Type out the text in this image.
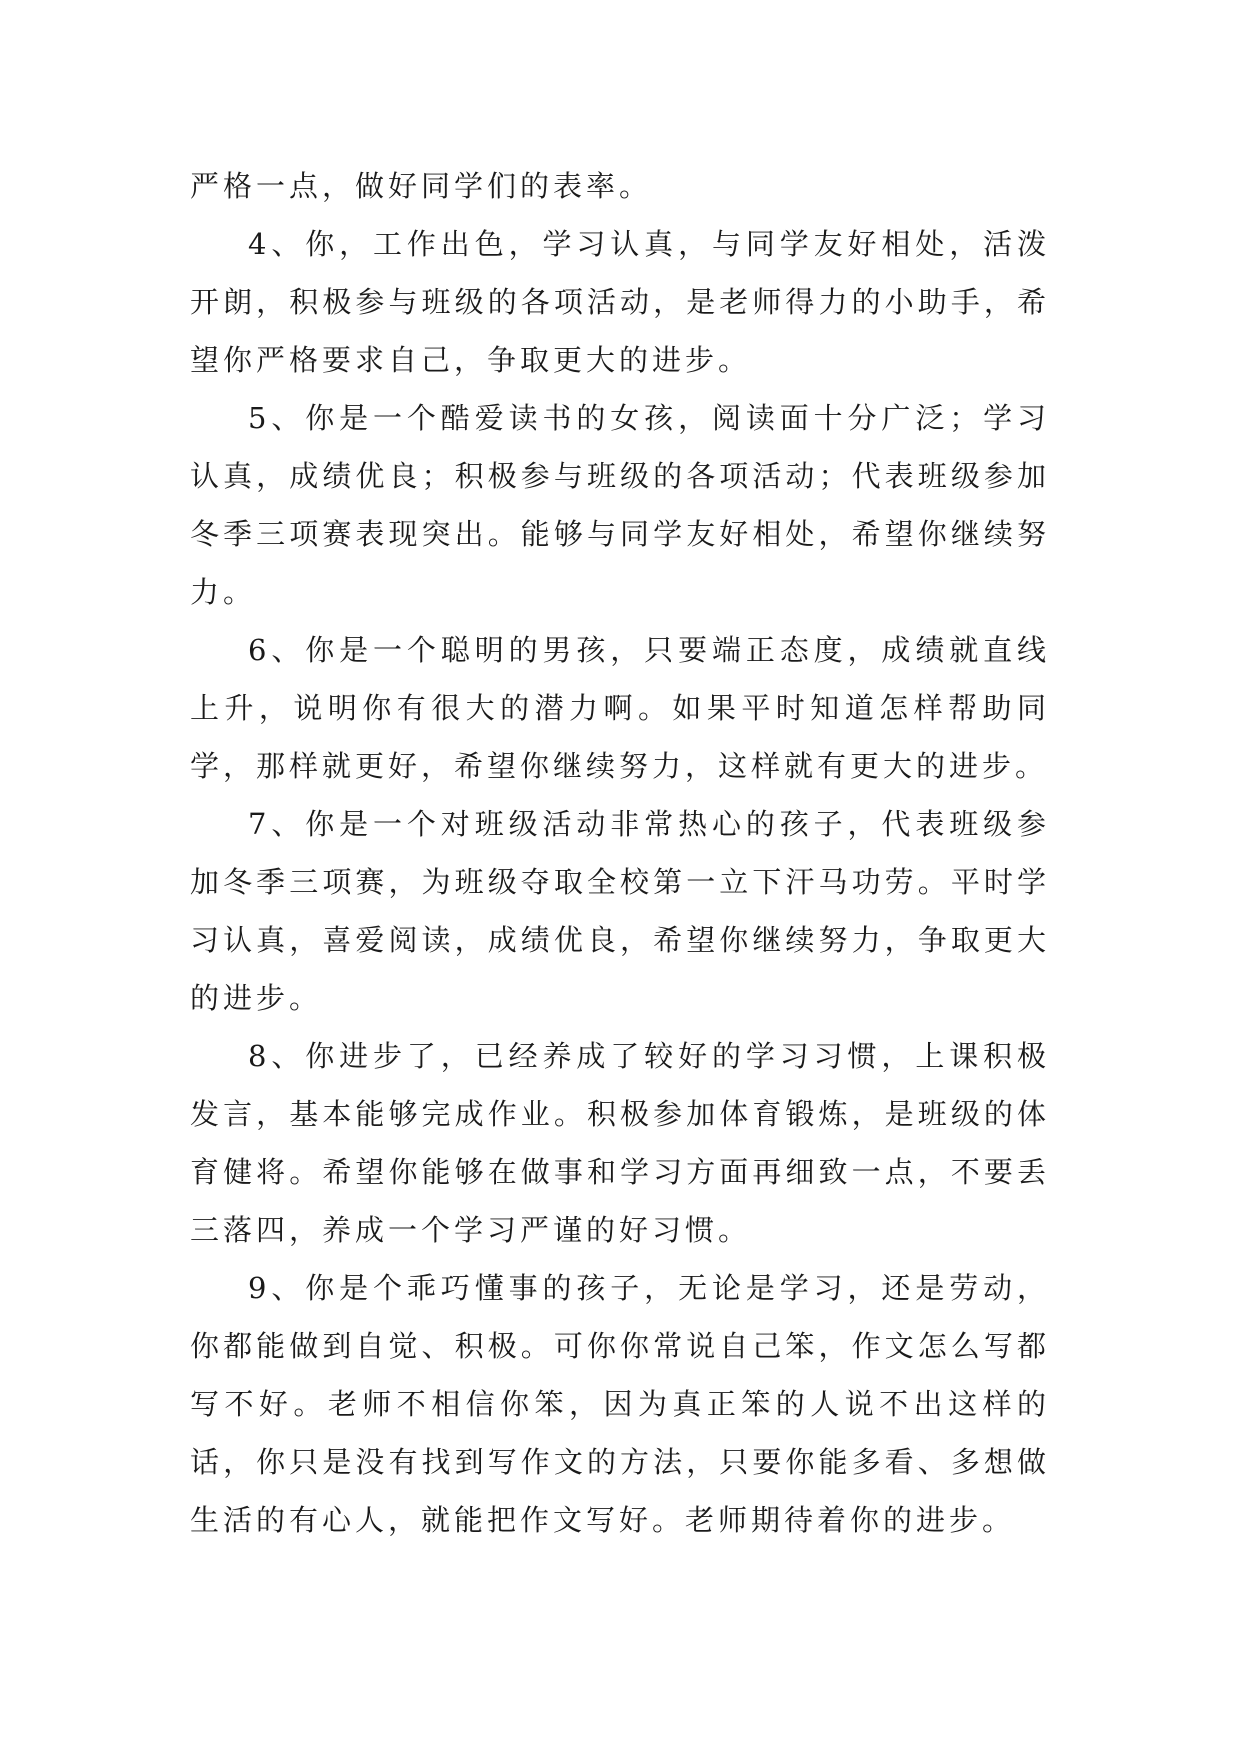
严格一点，做好同学们的表率。

4、你，工作出色，学习认真，与同学友好相处，活泼开朗，积极参与班级的各项活动，是老师得力的小助手，希望你严格要求自己，争取更大的进步。

5、你是一个酷爱读书的女孩，阅读面十分广泛；学习认真，成绩优良；积极参与班级的各项活动；代表班级参加冬季三项赛表现突出。能够与同学友好相处，希望你继续努力。

6、你是一个聪明的男孩，只要端正态度，成绩就直线上升，说明你有很大的潜力啊。如果平时知道怎样帮助同学，那样就更好，希望你继续努力，这样就有更大的进步。

7、你是一个对班级活动非常热心的孩子，代表班级参加冬季三项赛，为班级夺取全校第一立下汗马功劳。平时学习认真，喜爱阅读，成绩优良，希望你继续努力，争取更大的进步。

8、你进步了，已经养成了较好的学习习惯，上课积极发言，基本能够完成作业。积极参加体育锻炼，是班级的体育健将。希望你能够在做事和学习方面再细致一点，不要丢三落四，养成一个学习严谨的好习惯。

9、你是个乖巧懂事的孩子，无论是学习，还是劳动，你都能做到自觉、积极。可你你常说自己笨，作文怎么写都写不好。老师不相信你笨，因为真正笨的人说不出这样的话，你只是没有找到写作文的方法，只要你能多看、多想做生活的有心人，就能把作文写好。老师期待着你的进步。
